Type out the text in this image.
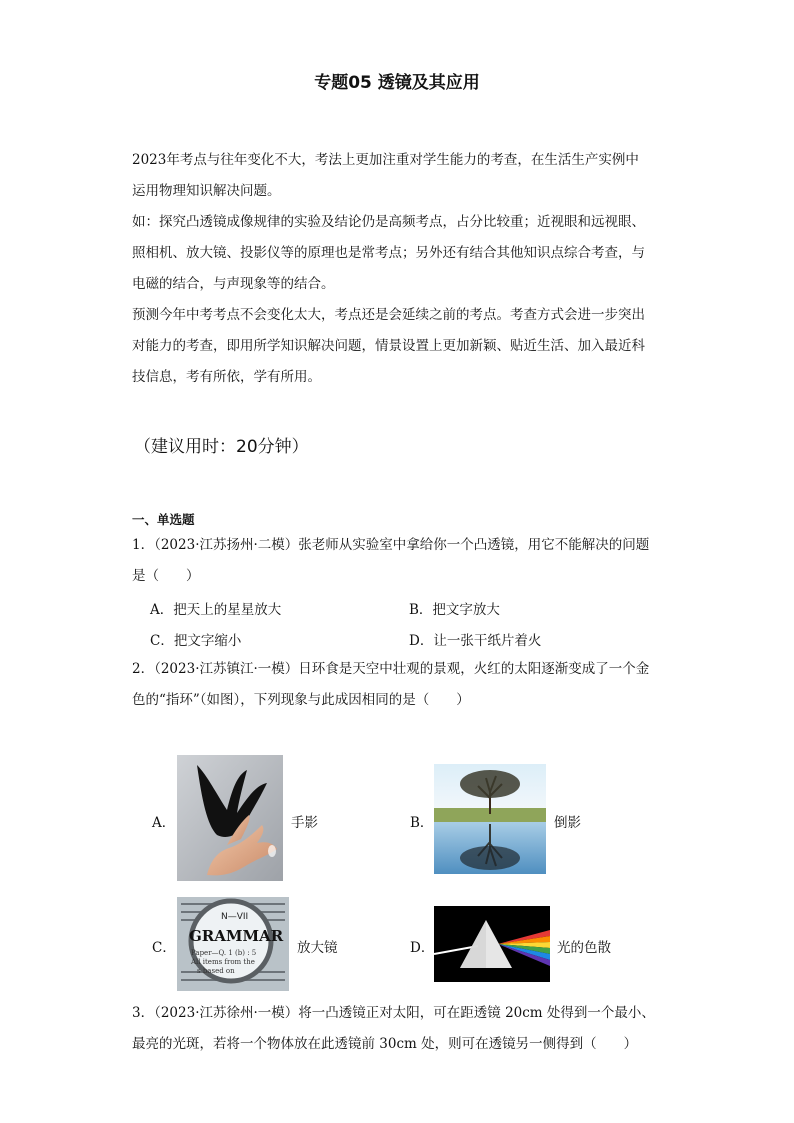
专题05 透镜及其应用
2023年考点与往年变化不大，考法上更加注重对学生能力的考查，在生活生产实例中
运用物理知识解决问题。
如：探究凸透镜成像规律的实验及结论仍是高频考点，占分比较重；近视眼和远视眼、
照相机、放大镜、投影仪等的原理也是常考点；另外还有结合其他知识点综合考查，与
电磁的结合，与声现象等的结合。
预测今年中考考点不会变化太大，考点还是会延续之前的考点。考查方式会进一步突出
对能力的考查，即用所学知识解决问题，情景设置上更加新颖、贴近生活、加入最近科
技信息，考有所依，学有所用。
（建议用时：20分钟）
一、单选题
1．（2023·江苏扬州·二模）张老师从实验室中拿给你一个凸透镜，用它不能解决的问题
是（　　）
A．把天上的星星放大	B．把文字放大
C．把文字缩小	D．让一张干纸片着火
2．（2023·江苏镇江·一模）日环食是天空中壮观的景观，火红的太阳逐渐变成了一个金
色的“指环”（如图），下列现象与此成因相同的是（　　）
A．	手影	B．	倒影
C．
N—VII
GRAMMAR
Paper—Q. 1 (b) : 5
All items from the
s based on
放大镜	D．	光的色散
3．（2023·江苏徐州·一模）将一凸透镜正对太阳，可在距透镜 20cm 处得到一个最小、
最亮的光斑，若将一个物体放在此透镜前 30cm 处，则可在透镜另一侧得到（　　）
